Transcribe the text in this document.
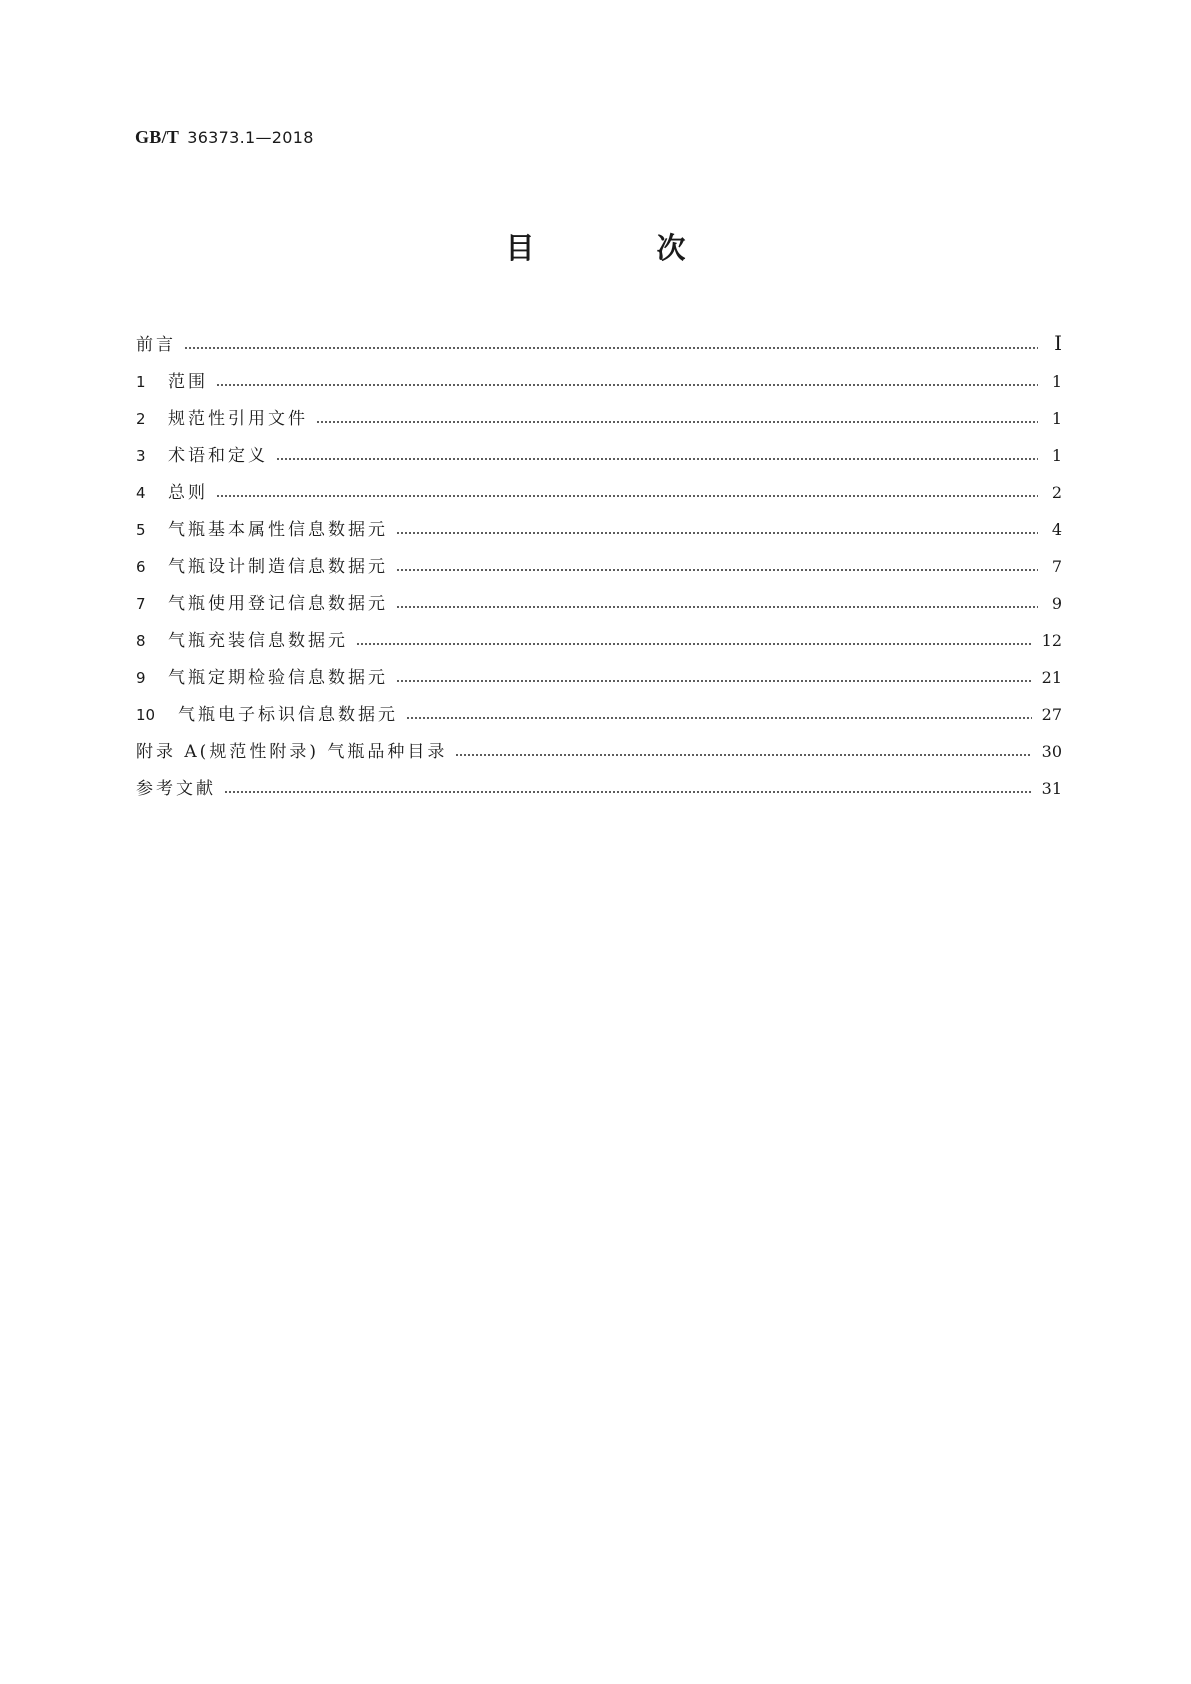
GB/T 36373.1—2018
目 次
前言	Ⅰ
1	范围	1
2	规范性引用文件	1
3	术语和定义	1
4	总则	2
5	气瓶基本属性信息数据元	4
6	气瓶设计制造信息数据元	7
7	气瓶使用登记信息数据元	9
8	气瓶充装信息数据元	12
9	气瓶定期检验信息数据元	21
10	气瓶电子标识信息数据元	27
附录 A(规范性附录) 气瓶品种目录	30
参考文献	31
